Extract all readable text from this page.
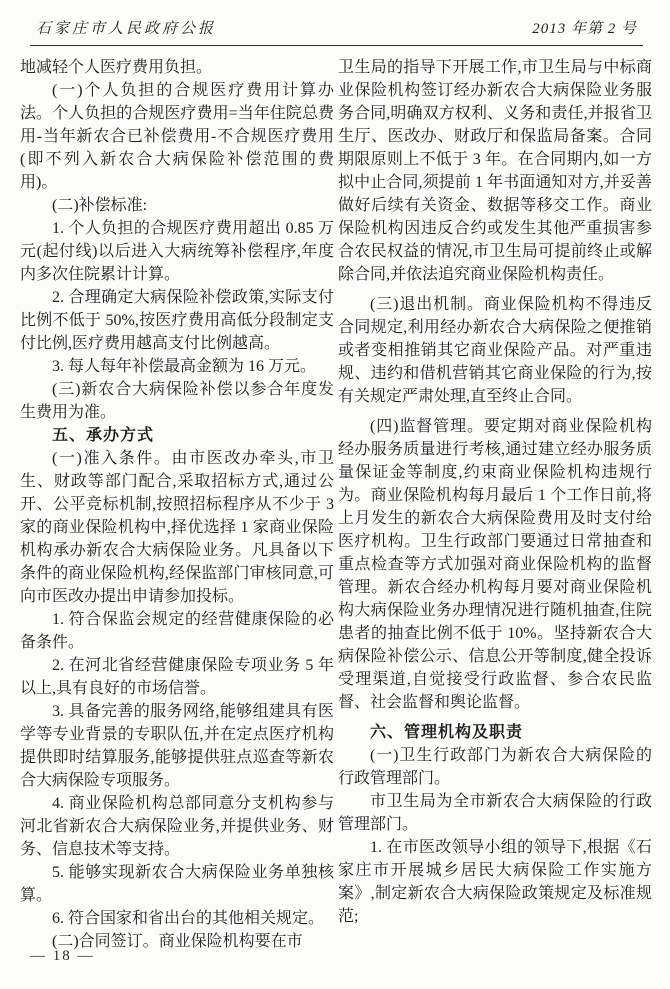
石家庄市人民政府公报	2013 年第 2 号

地减轻个人医疗费用负担。

(一)个人负担的合规医疗费用计算办法。个人负担的合规医疗费用=当年住院总费用-当年新农合已补偿费用-不合规医疗费用(即不列入新农合大病保险补偿范围的费用)。

(二)补偿标准:

1. 个人负担的合规医疗费用超出 0.85 万元(起付线)以后进入大病统筹补偿程序,年度内多次住院累计计算。

2. 合理确定大病保险补偿政策,实际支付比例不低于 50%,按医疗费用高低分段制定支付比例,医疗费用越高支付比例越高。

3. 每人每年补偿最高金额为 16 万元。

(三)新农合大病保险补偿以参合年度发生费用为准。

五、承办方式

(一)准入条件。由市医改办牵头,市卫生、财政等部门配合,采取招标方式,通过公开、公平竞标机制,按照招标程序从不少于 3 家的商业保险机构中,择优选择 1 家商业保险机构承办新农合大病保险业务。凡具备以下条件的商业保险机构,经保监部门审核同意,可向市医改办提出申请参加投标。

1. 符合保监会规定的经营健康保险的必备条件。

2. 在河北省经营健康保险专项业务 5 年以上,具有良好的市场信誉。

3. 具备完善的服务网络,能够组建具有医学等专业背景的专职队伍,并在定点医疗机构提供即时结算服务,能够提供驻点巡查等新农合大病保险专项服务。

4. 商业保险机构总部同意分支机构参与河北省新农合大病保险业务,并提供业务、财务、信息技术等支持。

5. 能够实现新农合大病保险业务单独核算。

6. 符合国家和省出台的其他相关规定。

(二)合同签订。商业保险机构要在市

卫生局的指导下开展工作,市卫生局与中标商业保险机构签订经办新农合大病保险业务服务合同,明确双方权利、义务和责任,并报省卫生厅、医改办、财政厅和保监局备案。合同期限原则上不低于 3 年。在合同期内,如一方拟中止合同,须提前 1 年书面通知对方,并妥善做好后续有关资金、数据等移交工作。商业保险机构因违反合约或发生其他严重损害参合农民权益的情况,市卫生局可提前终止或解除合同,并依法追究商业保险机构责任。

(三)退出机制。商业保险机构不得违反合同规定,利用经办新农合大病保险之便推销或者变相推销其它商业保险产品。对严重违规、违约和借机营销其它商业保险的行为,按有关规定严肃处理,直至终止合同。

(四)监督管理。要定期对商业保险机构经办服务质量进行考核,通过建立经办服务质量保证金等制度,约束商业保险机构违规行为。商业保险机构每月最后 1 个工作日前,将上月发生的新农合大病保险费用及时支付给医疗机构。卫生行政部门要通过日常抽查和重点检查等方式加强对商业保险机构的监督管理。新农合经办机构每月要对商业保险机构大病保险业务办理情况进行随机抽查,住院患者的抽查比例不低于 10%。坚持新农合大病保险补偿公示、信息公开等制度,健全投诉受理渠道,自觉接受行政监督、参合农民监督、社会监督和舆论监督。

六、管理机构及职责

(一)卫生行政部门为新农合大病保险的行政管理部门。

市卫生局为全市新农合大病保险的行政管理部门。

1. 在市医改领导小组的领导下,根据《石家庄市开展城乡居民大病保险工作实施方案》,制定新农合大病保险政策规定及标准规范;

— 18 —
